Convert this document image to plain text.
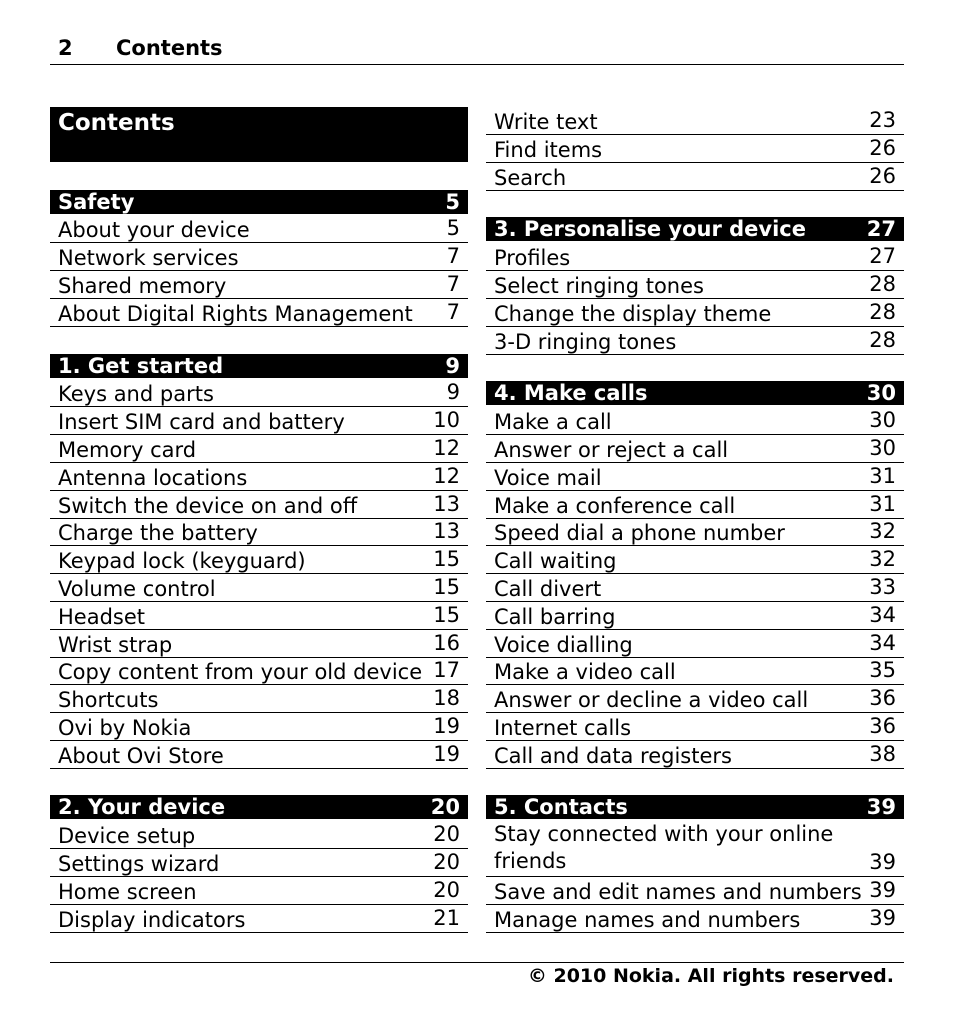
2 Contents
Contents
Safety	5
About your device	5
Network services	7
Shared memory	7
About Digital Rights Management 7
1. Get started	9
Keys and parts	9
Insert SIM card and battery	10
Memory card	12
Antenna locations	12
Switch the device on and off	13
Charge the battery	13
Keypad lock (keyguard)	15
Volume control	15
Headset	15
Wrist strap	16
Copy content from your old device 17
Shortcuts	18
Ovi by Nokia	19
About Ovi Store	19
2. Your device	20
Device setup	20
Settings wizard	20
Home screen	20
Display indicators	21
Write text	23
Find items	26
Search	26
3. Personalise your device	27
Profiles	27
Select ringing tones	28
Change the display theme	28
3-D ringing tones	28
4. Make calls	30
Make a call	30
Answer or reject a call	30
Voice mail	31
Make a conference call	31
Speed dial a phone number	32
Call waiting	32
Call divert	33
Call barring	34
Voice dialling	34
Make a video call	35
Answer or decline a video call	36
Internet calls	36
Call and data registers	38
5. Contacts	39
Stay connected with your online friends	39
Save and edit names and numbers 39
Manage names and numbers	39
© 2010 Nokia. All rights reserved.
